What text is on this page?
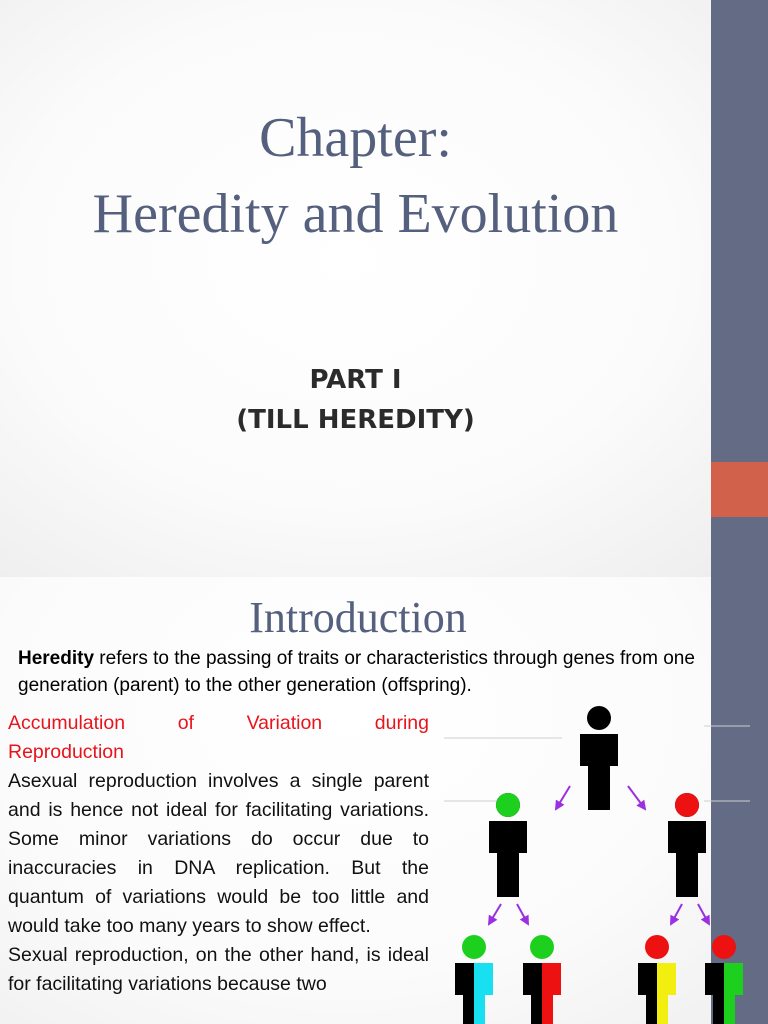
Chapter:
Heredity and Evolution
PART I
(TILL HEREDITY)
Introduction
Heredity refers to the passing of traits or characteristics through genes from one generation (parent) to the other generation (offspring).
Accumulation of Variation during
Reproduction

Asexual reproduction involves a single parent and is hence not ideal for facilitating variations. Some minor variations do occur due to inaccuracies in DNA replication. But the quantum of variations would be too little and would take too many years to show effect.

Sexual reproduction, on the other hand, is ideal for facilitating variations because two
